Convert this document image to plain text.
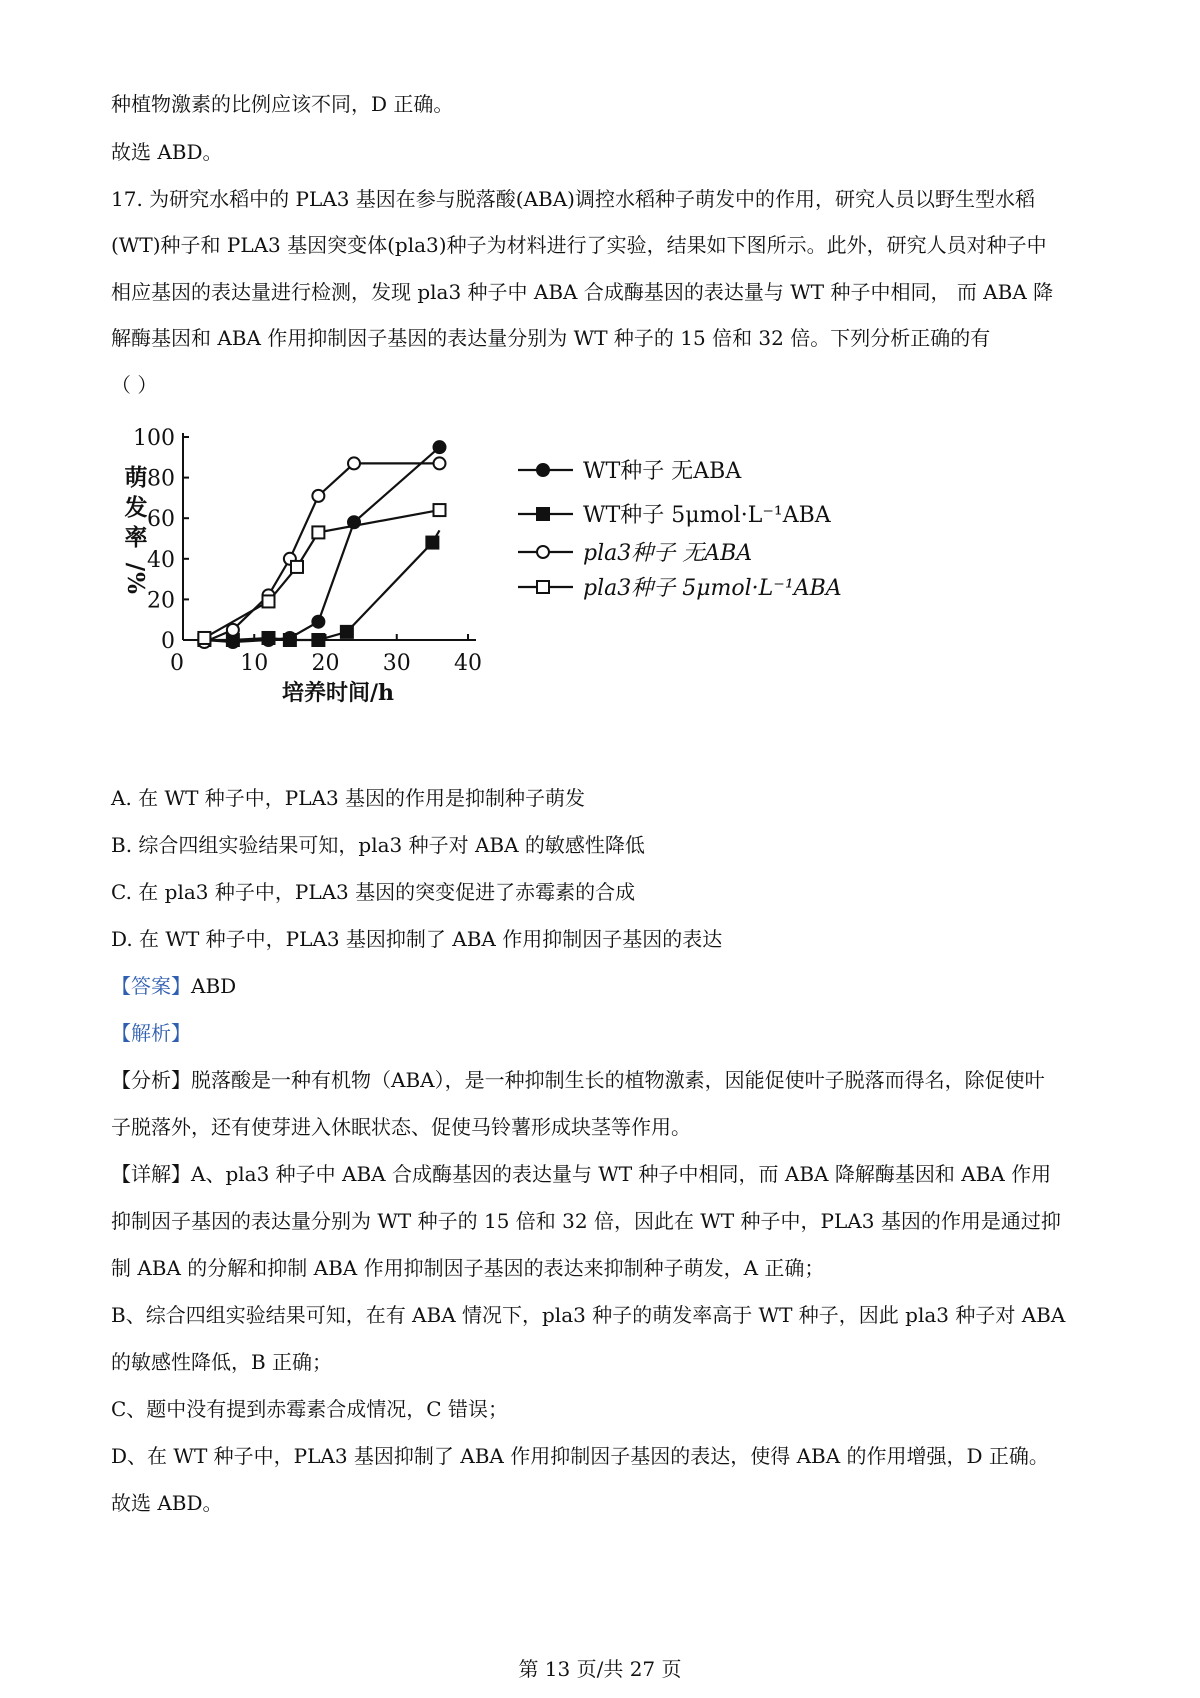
种植物激素的比例应该不同，D 正确。
故选 ABD。
17. 为研究水稻中的 PLA3 基因在参与脱落酸(ABA)调控水稻种子萌发中的作用，研究人员以野生型水稻
(WT)种子和 PLA3 基因突变体(pla3)种子为材料进行了实验，结果如下图所示。此外，研究人员对种子中
相应基因的表达量进行检测，发现 pla3 种子中 ABA 合成酶基因的表达量与 WT 种子中相同， 而 ABA 降
解酶基因和 ABA 作用抑制因子基因的表达量分别为 WT 种子的 15 倍和 32 倍。下列分析正确的有
（ ）
0
20
40
60
80
100
0	10 20 30 40
培养时间/h
萌
发
率
/
%
WT种子 无ABA
WT种子 5μmol·L⁻¹ABA
pla3种子 无ABA
pla3种子 5μmol·L⁻¹ABA
A. 在 WT 种子中，PLA3 基因的作用是抑制种子萌发
B. 综合四组实验结果可知，pla3 种子对 ABA 的敏感性降低
C. 在 pla3 种子中，PLA3 基因的突变促进了赤霉素的合成
D. 在 WT 种子中，PLA3 基因抑制了 ABA 作用抑制因子基因的表达
【答案】ABD
【解析】
【分析】脱落酸是一种有机物（ABA），是一种抑制生长的植物激素，因能促使叶子脱落而得名，除促使叶
子脱落外，还有使芽进入休眠状态、促使马铃薯形成块茎等作用。
【详解】A、pla3 种子中 ABA 合成酶基因的表达量与 WT 种子中相同，而 ABA 降解酶基因和 ABA 作用
抑制因子基因的表达量分别为 WT 种子的 15 倍和 32 倍，因此在 WT 种子中，PLA3 基因的作用是通过抑
制 ABA 的分解和抑制 ABA 作用抑制因子基因的表达来抑制种子萌发，A 正确；
B、综合四组实验结果可知，在有 ABA 情况下，pla3 种子的萌发率高于 WT 种子，因此 pla3 种子对 ABA
的敏感性降低，B 正确；
C、题中没有提到赤霉素合成情况，C 错误；
D、在 WT 种子中，PLA3 基因抑制了 ABA 作用抑制因子基因的表达，使得 ABA 的作用增强，D 正确。
故选 ABD。
第 13 页/共 27 页
